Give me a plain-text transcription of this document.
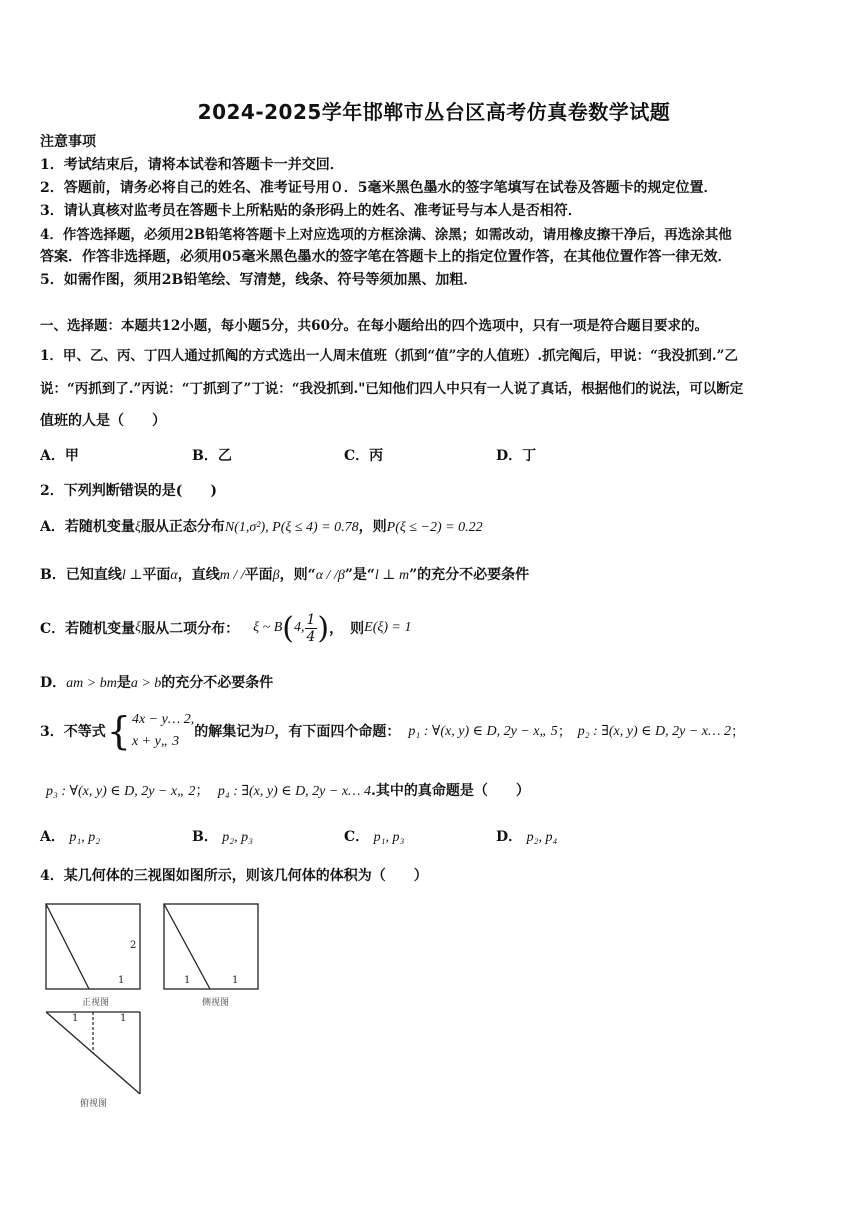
2024-2025学年邯郸市丛台区高考仿真卷数学试题
注意事项
1．考试结束后，请将本试卷和答题卡一并交回．
2．答题前，请务必将自己的姓名、准考证号用０．5毫米黑色墨水的签字笔填写在试卷及答题卡的规定位置．
3．请认真核对监考员在答题卡上所粘贴的条形码上的姓名、准考证号与本人是否相符．
4．作答选择题，必须用2B铅笔将答题卡上对应选项的方框涂满、涂黑；如需改动，请用橡皮擦干净后，再选涂其他
答案．作答非选择题，必须用05毫米黑色墨水的签字笔在答题卡上的指定位置作答，在其他位置作答一律无效．
5．如需作图，须用2B铅笔绘、写清楚，线条、符号等须加黑、加粗．
一、选择题：本题共12小题，每小题5分，共60分。在每小题给出的四个选项中，只有一项是符合题目要求的。
1．甲、乙、丙、丁四人通过抓阄的方式选出一人周末值班（抓到“值”字的人值班）.抓完阄后，甲说：“我没抓到.”乙
说：“丙抓到了.”丙说：“丁抓到了”丁说：“我没抓到."已知他们四人中只有一人说了真话，根据他们的说法，可以断定
值班的人是（　　）
A．甲	B．乙	C．丙	D．丁
2．下列判断错误的是(　　)
A．若随机变量ξ服从正态分布N(1,σ²), P(ξ ≤ 4) = 0.78，则P(ξ ≤ −2) = 0.22
B．已知直线l ⊥平面α，直线m / /平面β，则“α / /β”是“l ⊥ m”的充分不必要条件
C．若随机变量 ξ 服从二项分布： ξ ~ B ( 4, $\frac{1}{4}$ ) ，　则 E(ξ) = 1
D．am > bm是a > b的充分不必要条件
3．不等式 { 4x − y… 2,
x + y„ 3
的解集记为 D ，有下面四个命题： p₁ : ∀(x, y) ∈ D, 2y − x„ 5 ； p₂ : ∃(x, y) ∈ D, 2y − x… 2 ；
p₃ : ∀(x, y) ∈ D, 2y − x„ 2； p₄ : ∃(x, y) ∈ D, 2y − x… 4.其中的真命题是（　　）
A． p₁, p₂	B． p₂, p₃	C． p₁, p₃	D． p₂, p₄
4．某几何体的三视图如图所示，则该几何体的体积为（　　）
2
1
正视图
1	1
侧视图
1	1
俯视图
